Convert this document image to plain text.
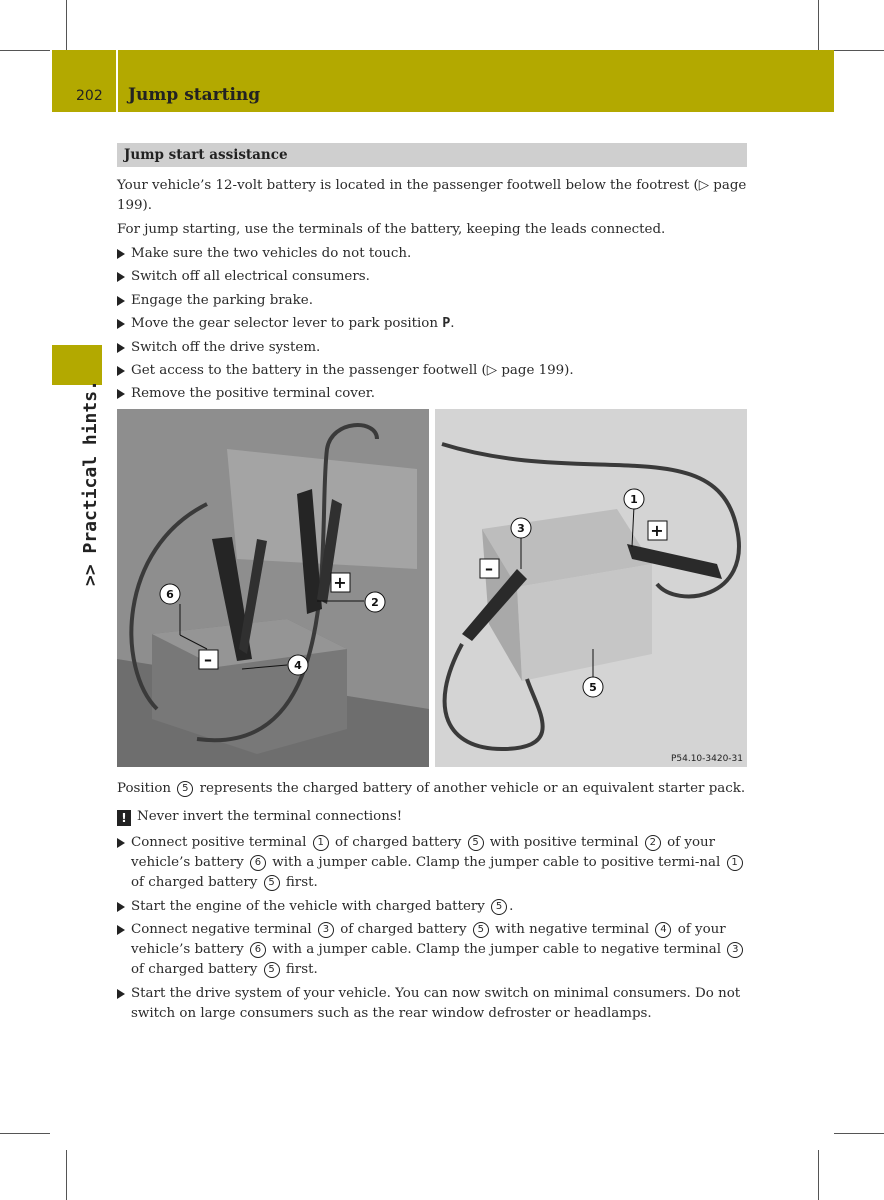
202 Jump starting
>> Practical hints.
Jump start assistance

Your vehicle’s 12-volt battery is located in the passenger footwell below the footrest (▷ page 199).

For jump starting, use the terminals of the battery, keeping the leads connected.

Make sure the two vehicles do not touch.
Switch off all electrical consumers.
Engage the parking brake.
Move the gear selector lever to park position P.
Switch off the drive system.
Get access to the battery in the passenger footwell (▷ page 199).
Remove the positive terminal cover.
6
2
4
1
3
5
+
–
+
–
P54.10-3420-31

Position 5 represents the charged battery of another vehicle or an equivalent starter pack.

! Never invert the terminal connections!

Connect positive terminal 1 of charged battery 5 with positive terminal 2 of your vehicle’s battery 6 with a jumper cable. Clamp the jumper cable to positive termi-nal 1 of charged battery 5 first.
Start the engine of the vehicle with charged battery 5 .
Connect negative terminal 3 of charged battery 5 with negative terminal 4 of your vehicle’s battery 6 with a jumper cable. Clamp the jumper cable to negative terminal 3 of charged battery 5 first.
Start the drive system of your vehicle. You can now switch on minimal consumers. Do not switch on large consumers such as the rear window defroster or headlamps.
